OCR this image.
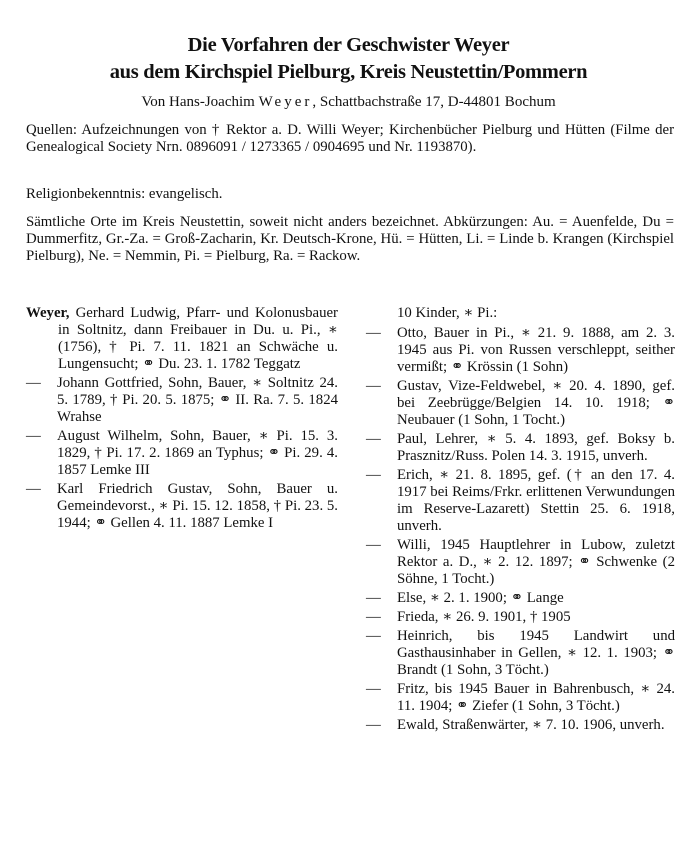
Die Vorfahren der Geschwister Weyer
aus dem Kirchspiel Pielburg, Kreis Neustettin/Pommern
Von Hans-Joachim Weyer, Schattbachstraße 17, D-44801 Bochum
Quellen: Aufzeichnungen von † Rektor a. D. Willi Weyer; Kirchenbücher Pielburg und Hütten (Filme der Genealogical Society Nrn. 0896091 / 1273365 / 0904695 und Nr. 1193870).
Religionbekenntnis: evangelisch.
Sämtliche Orte im Kreis Neustettin, soweit nicht anders bezeichnet. Abkürzungen: Au. = Auenfelde, Du = Dummerfitz, Gr.-Za. = Groß-Zacharin, Kr. Deutsch-Krone, Hü. = Hütten, Li. = Linde b. Krangen (Kirchspiel Pielburg), Ne. = Nemmin, Pi. = Pielburg, Ra. = Rackow.
Weyer, Gerhard Ludwig, Pfarr- und Kolonusbauer in Soltnitz, dann Freibauer in Du. u. Pi., ∗ (1756), † Pi. 7. 11. 1821 an Schwäche u. Lungensucht; ⚭ Du. 23. 1. 1782 Teggatz
—	Johann Gottfried, Sohn, Bauer, ∗ Soltnitz 24. 5. 1789, † Pi. 20. 5. 1875; ⚭ II. Ra. 7. 5. 1824 Wrahse
—	August Wilhelm, Sohn, Bauer, ∗ Pi. 15. 3. 1829, † Pi. 17. 2. 1869 an Typhus; ⚭ Pi. 29. 4. 1857 Lemke III
—	Karl Friedrich Gustav, Sohn, Bauer u. Gemeindevorst., ∗ Pi. 15. 12. 1858, † Pi. 23. 5. 1944; ⚭ Gellen 4. 11. 1887 Lemke I
10 Kinder, ∗ Pi.:
—	Otto, Bauer in Pi., ∗ 21. 9. 1888, am 2. 3. 1945 aus Pi. von Russen verschleppt, seither vermißt; ⚭ Krössin (1 Sohn)
—	Gustav, Vize-Feldwebel, ∗ 20. 4. 1890, gef. bei Zeebrügge/Belgien 14. 10. 1918; ⚭ Neubauer (1 Sohn, 1 Tocht.)
—	Paul, Lehrer, ∗ 5. 4. 1893, gef. Boksy b. Prasznitz/Russ. Polen 14. 3. 1915, unverh.
—	Erich, ∗ 21. 8. 1895, gef. († an den 17. 4. 1917 bei Reims/Frkr. erlittenen Verwundungen im Reserve-Lazarett) Stettin 25. 6. 1918, unverh.
—	Willi, 1945 Hauptlehrer in Lubow, zuletzt Rektor a. D., ∗ 2. 12. 1897; ⚭ Schwenke (2 Söhne, 1 Tocht.)
—	Else, ∗ 2. 1. 1900; ⚭ Lange
—	Frieda, ∗ 26. 9. 1901, † 1905
—	Heinrich, bis 1945 Landwirt und Gasthausinhaber in Gellen, ∗ 12. 1. 1903; ⚭ Brandt (1 Sohn, 3 Töcht.)
—	Fritz, bis 1945 Bauer in Bahrenbusch, ∗ 24. 11. 1904; ⚭ Ziefer (1 Sohn, 3 Töcht.)
—	Ewald, Straßenwärter, ∗ 7. 10. 1906, unverh.
